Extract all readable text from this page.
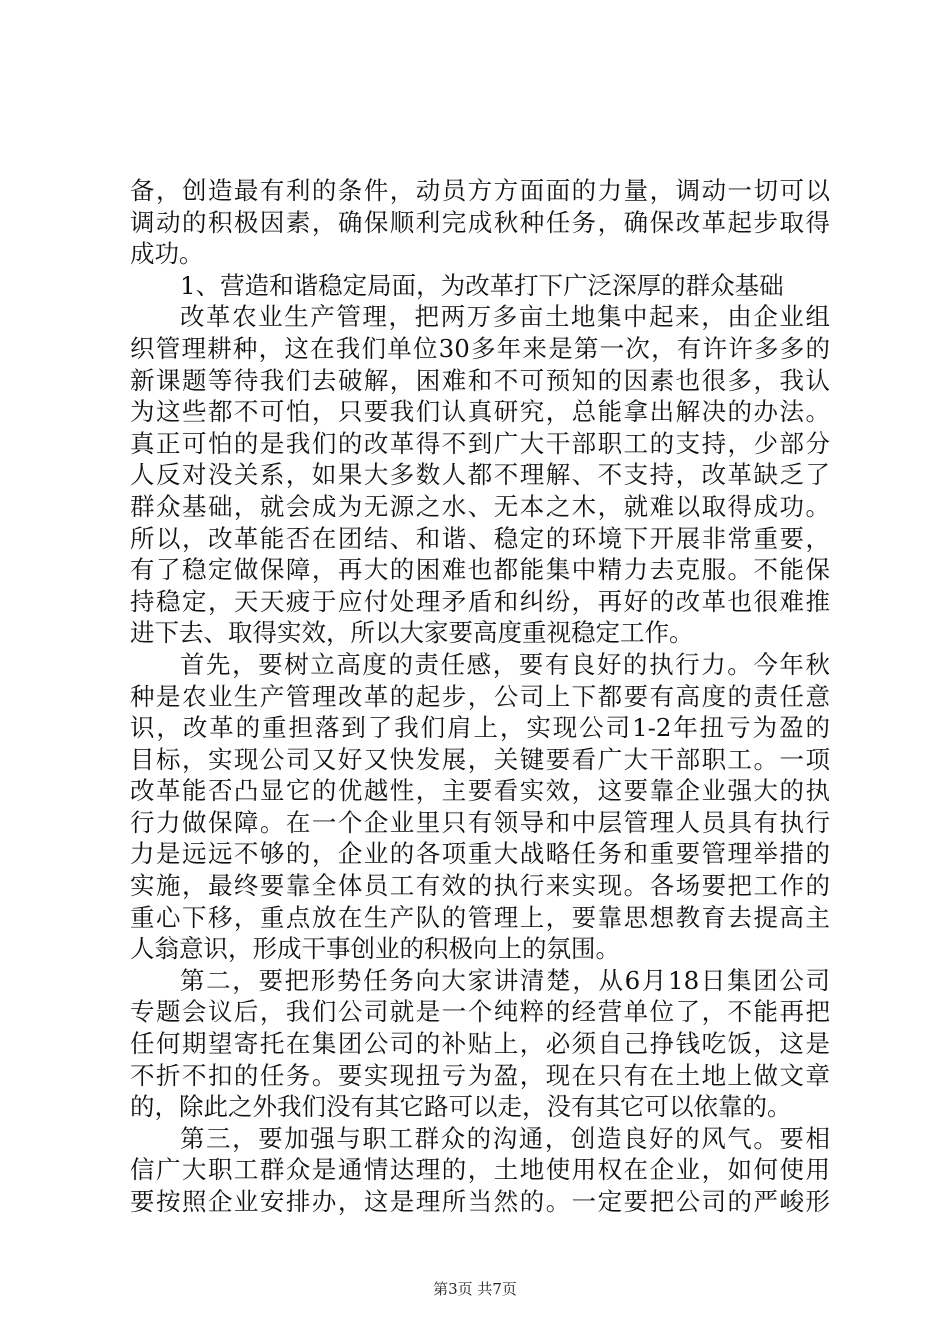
备，创造最有利的条件，动员方方面面的力量，调动一切可以
调动的积极因素，确保顺利完成秋种任务，确保改革起步取得
成功。
1、营造和谐稳定局面，为改革打下广泛深厚的群众基础
改革农业生产管理，把两万多亩土地集中起来，由企业组
织管理耕种，这在我们单位30多年来是第一次，有许许多多的
新课题等待我们去破解，困难和不可预知的因素也很多，我认
为这些都不可怕，只要我们认真研究，总能拿出解决的办法。
真正可怕的是我们的改革得不到广大干部职工的支持，少部分
人反对没关系，如果大多数人都不理解、不支持，改革缺乏了
群众基础，就会成为无源之水、无本之木，就难以取得成功。
所以，改革能否在团结、和谐、稳定的环境下开展非常重要，
有了稳定做保障，再大的困难也都能集中精力去克服。不能保
持稳定，天天疲于应付处理矛盾和纠纷，再好的改革也很难推
进下去、取得实效，所以大家要高度重视稳定工作。
首先，要树立高度的责任感，要有良好的执行力。今年秋
种是农业生产管理改革的起步，公司上下都要有高度的责任意
识，改革的重担落到了我们肩上，实现公司1-2年扭亏为盈的
目标，实现公司又好又快发展，关键要看广大干部职工。一项
改革能否凸显它的优越性，主要看实效，这要靠企业强大的执
行力做保障。在一个企业里只有领导和中层管理人员具有执行
力是远远不够的，企业的各项重大战略任务和重要管理举措的
实施，最终要靠全体员工有效的执行来实现。各场要把工作的
重心下移，重点放在生产队的管理上，要靠思想教育去提高主
人翁意识，形成干事创业的积极向上的氛围。
第二，要把形势任务向大家讲清楚，从6月18日集团公司
专题会议后，我们公司就是一个纯粹的经营单位了，不能再把
任何期望寄托在集团公司的补贴上，必须自己挣钱吃饭，这是
不折不扣的任务。要实现扭亏为盈，现在只有在土地上做文章
的，除此之外我们没有其它路可以走，没有其它可以依靠的。
第三，要加强与职工群众的沟通，创造良好的风气。要相
信广大职工群众是通情达理的，土地使用权在企业，如何使用
要按照企业安排办，这是理所当然的。一定要把公司的严峻形
第3页 共7页
